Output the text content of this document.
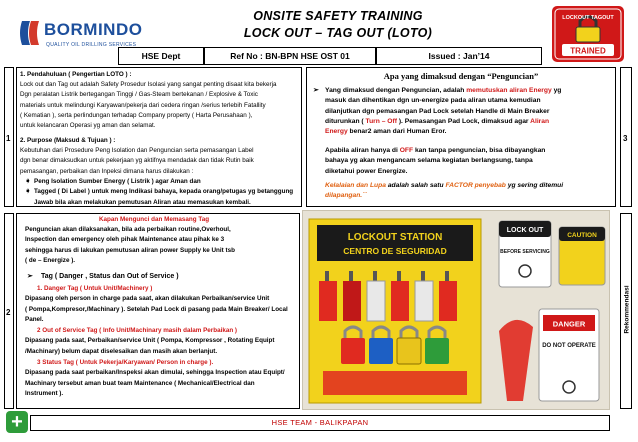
BORMINDO
QUALITY OIL DRILLING SERVICES
ONSITE SAFETY TRAINING
LOCK OUT – TAG OUT (LOTO)
HSE Dept	Ref No : BN-BPN HSE OST 01	Issued : Jan’14
LOCKOUT TAGOUT
TRAINED
1
2
3
Rekommendasi
1. Pendahuluan ( Pengertian LOTO ) :
Lock out dan Tag out adalah Safety Prosedur Isolasi yang sangat penting disaat kita bekerja
Dgn peralatan Listrik bertegangan Tinggi / Gas-Steam bertekanan / Explosive & Toxic
materials untuk melindungi Karyawan/pekerja dari cedera ringan /serius terlebih Fatallity
( Kematian ), serta perlindungan terhadap Company property ( Harta Perusahaan ),
untuk kelancaran Operasi yg aman dan selamat.
2. Purpose (Maksud & Tujuan ) :
Kebutuhan dari Prosedure Peng Isolation dan Penguncian serta pemasangan Label
dgn benar dimaksudkan untuk pekerjaan yg aktifnya mendadak dan tidak Rutin baik
pemasangan, perbaikan dan Inpeksi dimana harus dilakukan :
➧ Peng Isolation Sumber Energy ( Listrik ) agar Aman dan
➧ Tagged ( Di Label ) untuk meng Indikasi bahaya, kepada orang/petugas yg betanggung
Jawab bila akan melakukan pemutusan Aliran atau memasukan kembali.
Kapan Mengunci dan Memasang Tag
Penguncian akan dilaksanakan, bila ada perbaikan routine,Overhoul,
Inspection dan emergency oleh pihak Maintenance atau pihak ke 3
sehingga harus di lakukan pemutusan aliran power Supply ke Unit tsb
( de – Energize ).
➢ Tag ( Danger , Status dan Out of Service )
1. Danger Tag ( Untuk Unit/Machinery )
Dipasang oleh person in charge pada saat, akan dilakukan Perbaikan/service Unit
( Pompa,Kompresor,/Machinary ). Setelah Pad Lock di pasang pada Main Breaker/ Local
Panel.
2 Out of Service Tag ( Info Unit/Machinary masih dalam Perbaikan )
Dipasang pada saat, Perbaikan/service Unit ( Pompa, Kompressor , Rotating Equipt
/Machinary) belum dapat diselesaikan dan masih akan berlanjut.
3 Status Tag ( Untuk Pekerja/Karyawan/ Person in charge ).
Dipasang pada saat perbaikan/Inspeksi akan dimulai, sehingga Inspection atau Equipt/
Machinary tersebut aman buat team Maintenance ( Mechanical/Electrical dan
Instrument ).
Apa yang dimaksud dengan “Penguncian”
➢ Yang dimaksud dengan Penguncian, adalah memutuskan aliran Energy yg
masuk dan dihentikan dgn un-energize pada aliran utama kemudian
dilanjutkan dgn pemasangan Pad Lock setelah Handle di Main Breaker
diturunkan ( Turn – Off ). Pemasangan Pad Lock, dimaksud agar Aliran
Energy benar2 aman dari Human Eror.
Apabila aliran hanya di OFF kan tanpa penguncian, bisa dibayangkan
bahaya yg akan mengancam selama kegiatan berlangsung, tanpa
diketahui power Energize.
Kelalaian dan Lupa adalah salah satu FACTOR penyebab yg sering ditemui
dilapangan.``
LOCKOUT STATION
CENTRO DE SEGURIDAD
LOCK OUT
BEFORE SERVICING
CAUTION
DANGER
DO NOT OPERATE
+	HSE TEAM - BALIKPAPAN
